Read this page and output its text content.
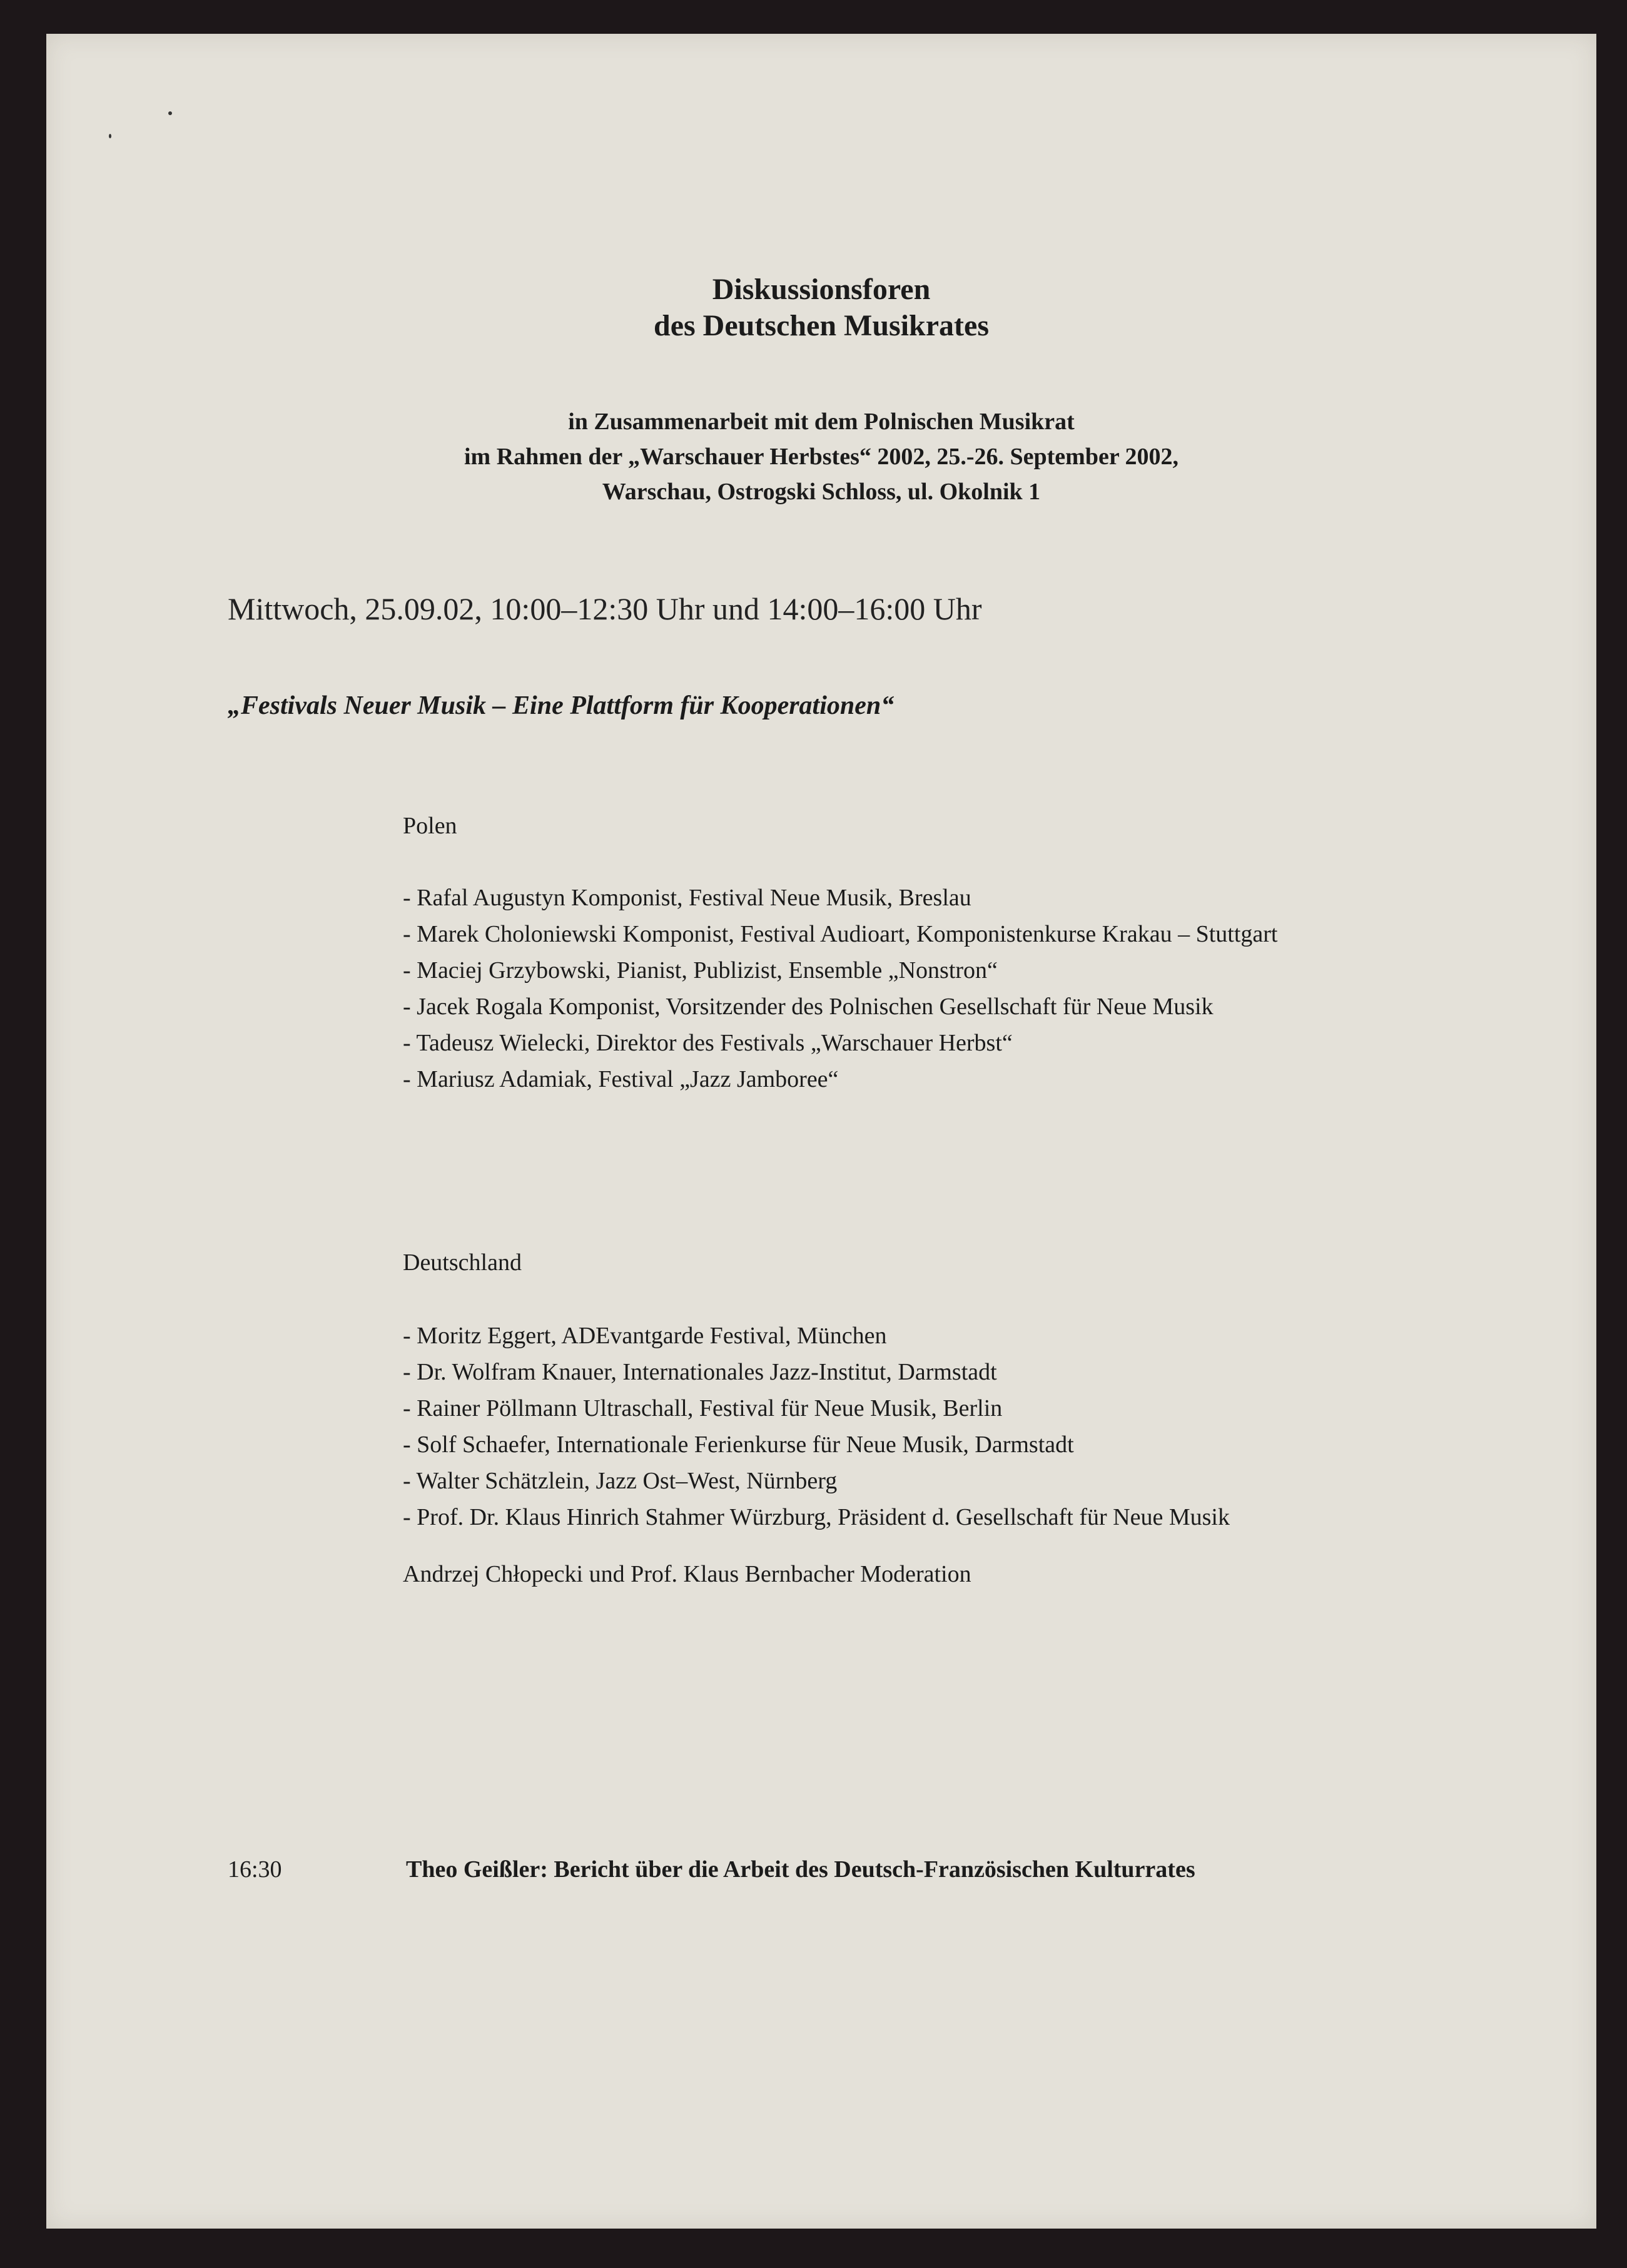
Diskussionsforen
des Deutschen Musikrates
in Zusammenarbeit mit dem Polnischen Musikrat
im Rahmen der „Warschauer Herbstes“ 2002, 25.-26. September 2002,
Warschau, Ostrogski Schloss, ul. Okolnik 1
Mittwoch, 25.09.02, 10:00–12:30 Uhr und 14:00–16:00 Uhr
„Festivals Neuer Musik – Eine Plattform für Kooperationen“
Polen
- Rafal Augustyn Komponist, Festival Neue Musik, Breslau
- Marek Choloniewski Komponist, Festival Audioart, Komponistenkurse Krakau – Stuttgart
- Maciej Grzybowski, Pianist, Publizist, Ensemble „Nonstron“
- Jacek Rogala Komponist, Vorsitzender des Polnischen Gesellschaft für Neue Musik
- Tadeusz Wielecki, Direktor des Festivals „Warschauer Herbst“
- Mariusz Adamiak, Festival „Jazz Jamboree“
Deutschland
- Moritz Eggert, ADEvantgarde Festival, München
- Dr. Wolfram Knauer, Internationales Jazz-Institut, Darmstadt
- Rainer Pöllmann Ultraschall, Festival für Neue Musik, Berlin
- Solf Schaefer, Internationale Ferienkurse für Neue Musik, Darmstadt
- Walter Schätzlein, Jazz Ost–West, Nürnberg
- Prof. Dr. Klaus Hinrich Stahmer Würzburg, Präsident d. Gesellschaft für Neue Musik
Andrzej Chłopecki und Prof. Klaus Bernbacher Moderation
16:30	Theo Geißler: Bericht über die Arbeit des Deutsch-Französischen Kulturrates
